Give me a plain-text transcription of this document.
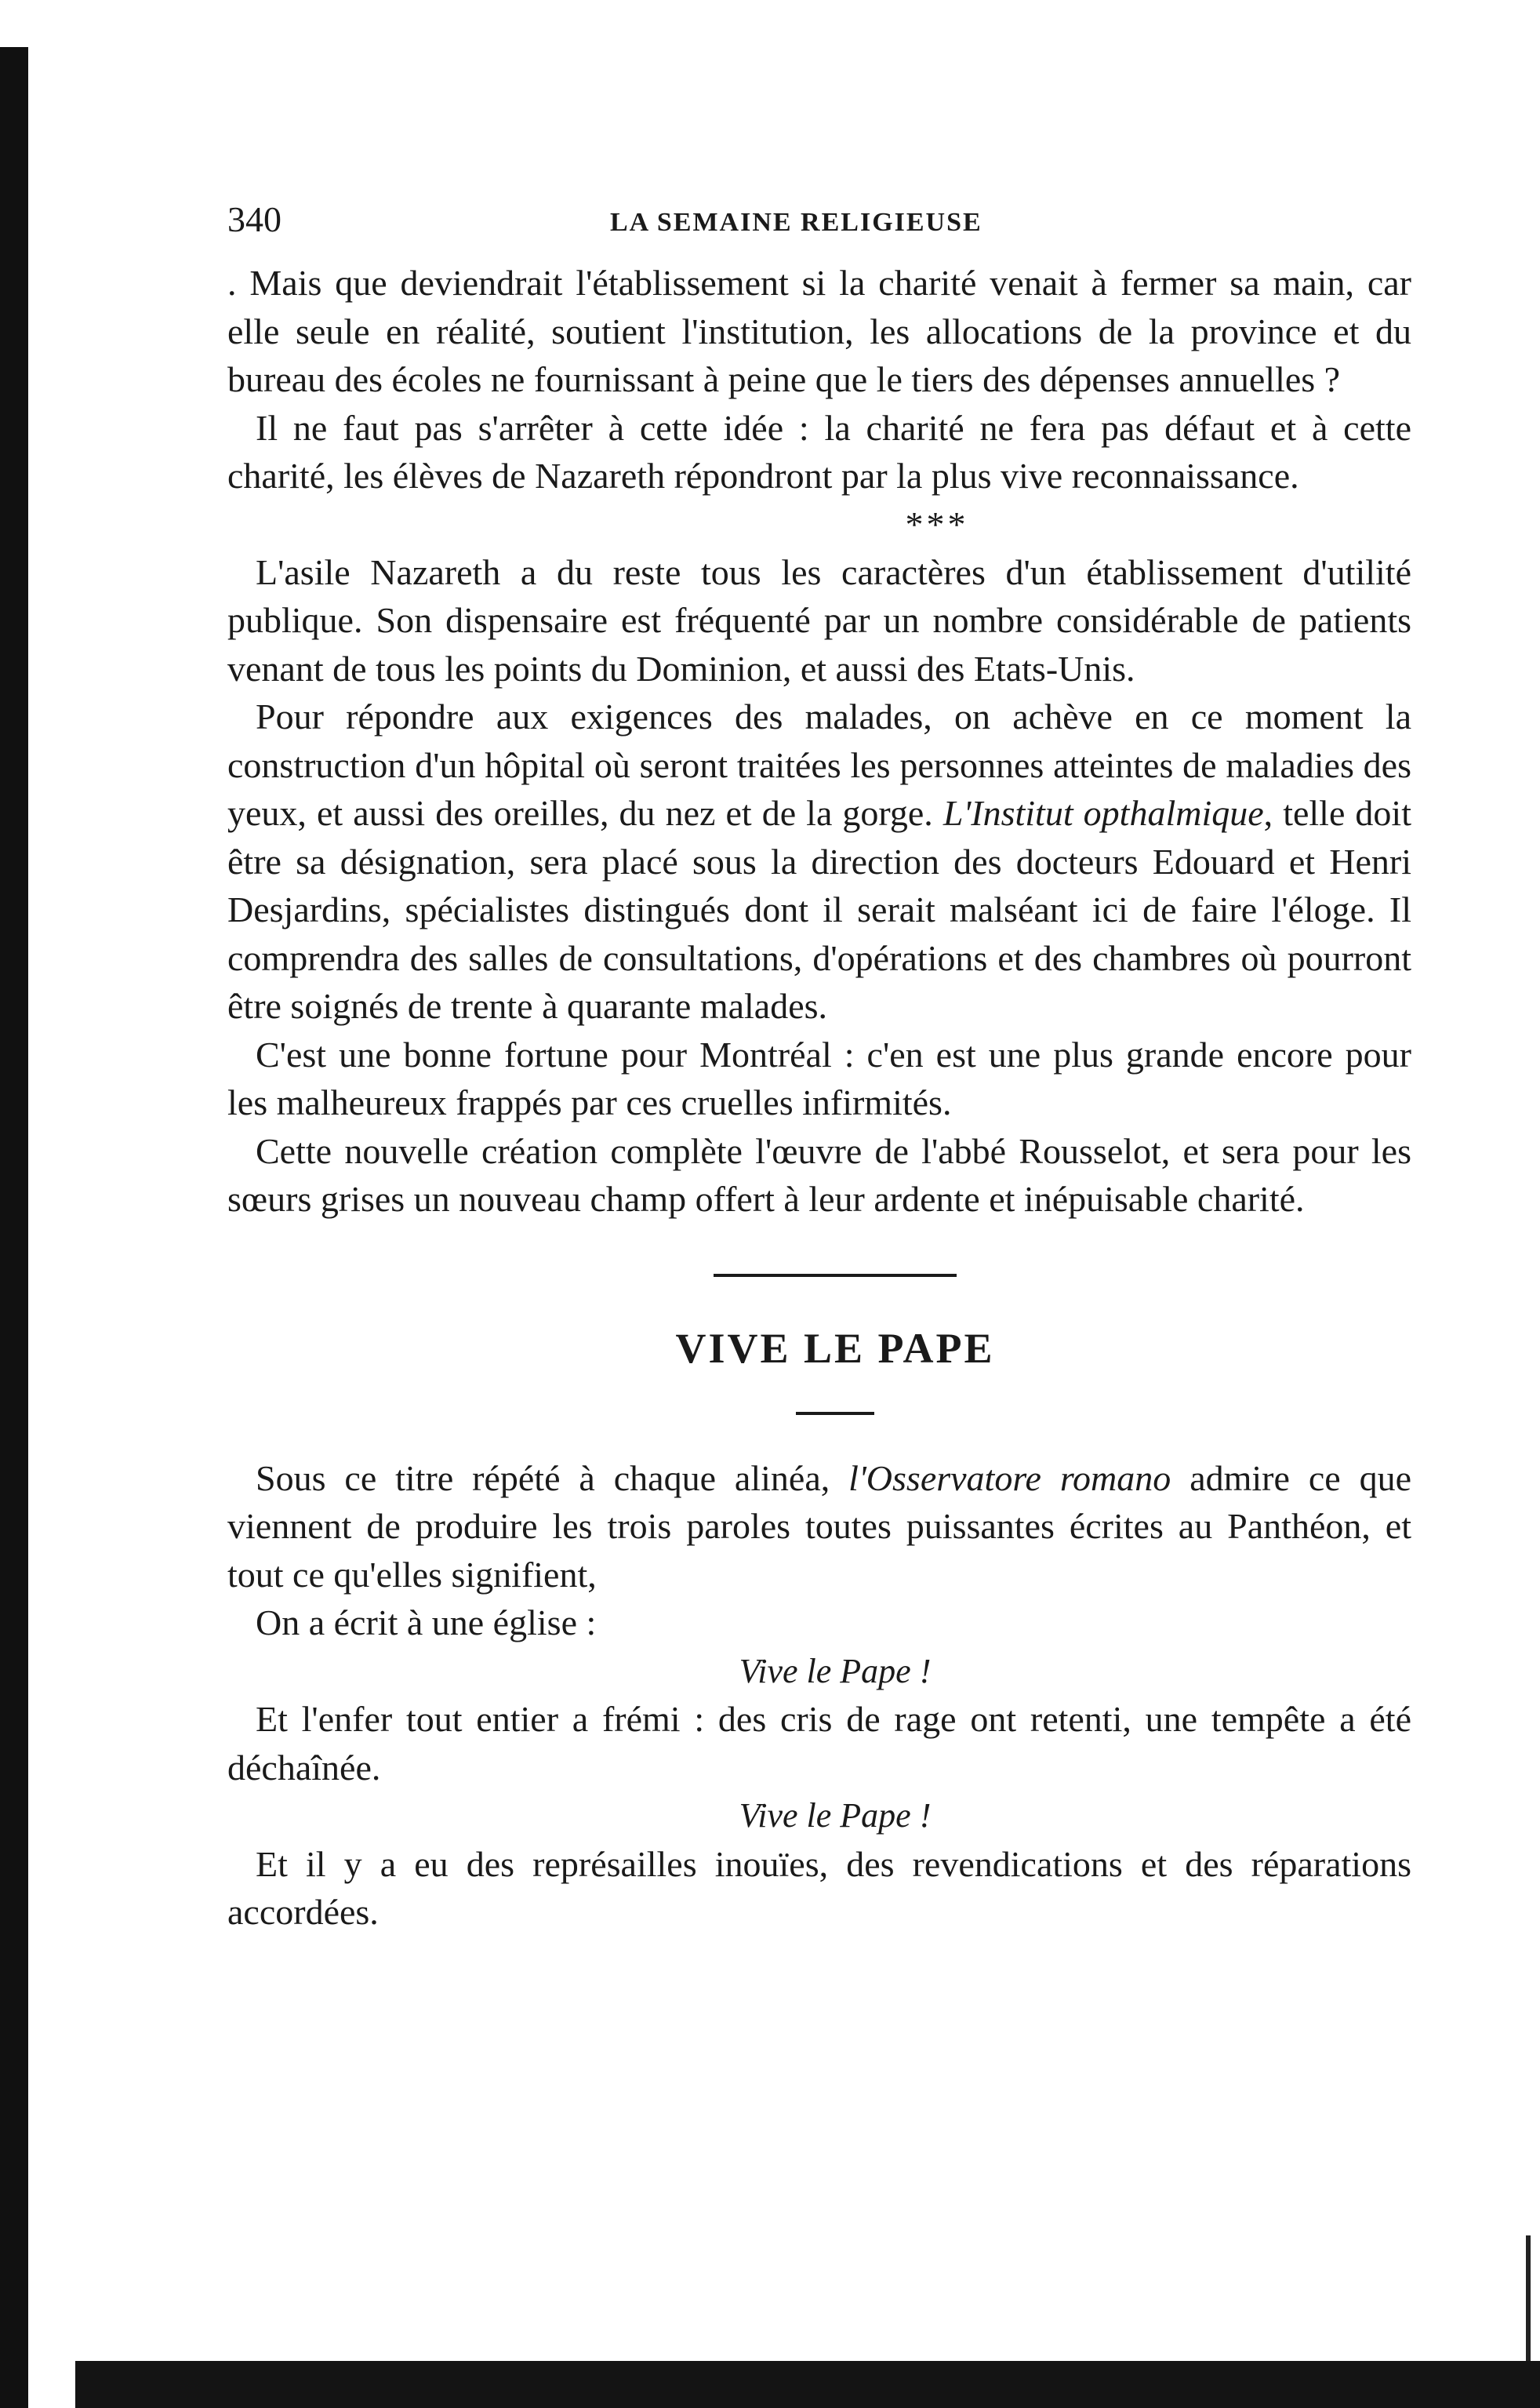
340	LA SEMAINE RELIGIEUSE

. Mais que deviendrait l'établissement si la charité venait à fermer sa main, car elle seule en réalité, soutient l'institution, les allocations de la province et du bureau des écoles ne fournissant à peine que le tiers des dépenses annuelles ?

Il ne faut pas s'arrêter à cette idée : la charité ne fera pas défaut et à cette charité, les élèves de Nazareth répondront par la plus vive reconnaissance.

***

L'asile Nazareth a du reste tous les caractères d'un établissement d'utilité publique. Son dispensaire est fréquenté par un nombre considérable de patients venant de tous les points du Dominion, et aussi des Etats-Unis.

Pour répondre aux exigences des malades, on achève en ce moment la construction d'un hôpital où seront traitées les personnes atteintes de maladies des yeux, et aussi des oreilles, du nez et de la gorge. L'Institut opthalmique, telle doit être sa désignation, sera placé sous la direction des docteurs Edouard et Henri Desjardins, spécialistes distingués dont il serait malséant ici de faire l'éloge. Il comprendra des salles de consultations, d'opérations et des chambres où pourront être soignés de trente à quarante malades.

C'est une bonne fortune pour Montréal : c'en est une plus grande encore pour les malheureux frappés par ces cruelles infirmités.

Cette nouvelle création complète l'œuvre de l'abbé Rousselot, et sera pour les sœurs grises un nouveau champ offert à leur ardente et inépuisable charité.

VIVE LE PAPE

Sous ce titre répété à chaque alinéa, l'Osservatore romano admire ce que viennent de produire les trois paroles toutes puissantes écrites au Panthéon, et tout ce qu'elles signifient,

On a écrit à une église :

Vive le Pape !

Et l'enfer tout entier a frémi : des cris de rage ont retenti, une tempête a été déchaînée.

Vive le Pape !

Et il y a eu des représailles inouïes, des revendications et des réparations accordées.
